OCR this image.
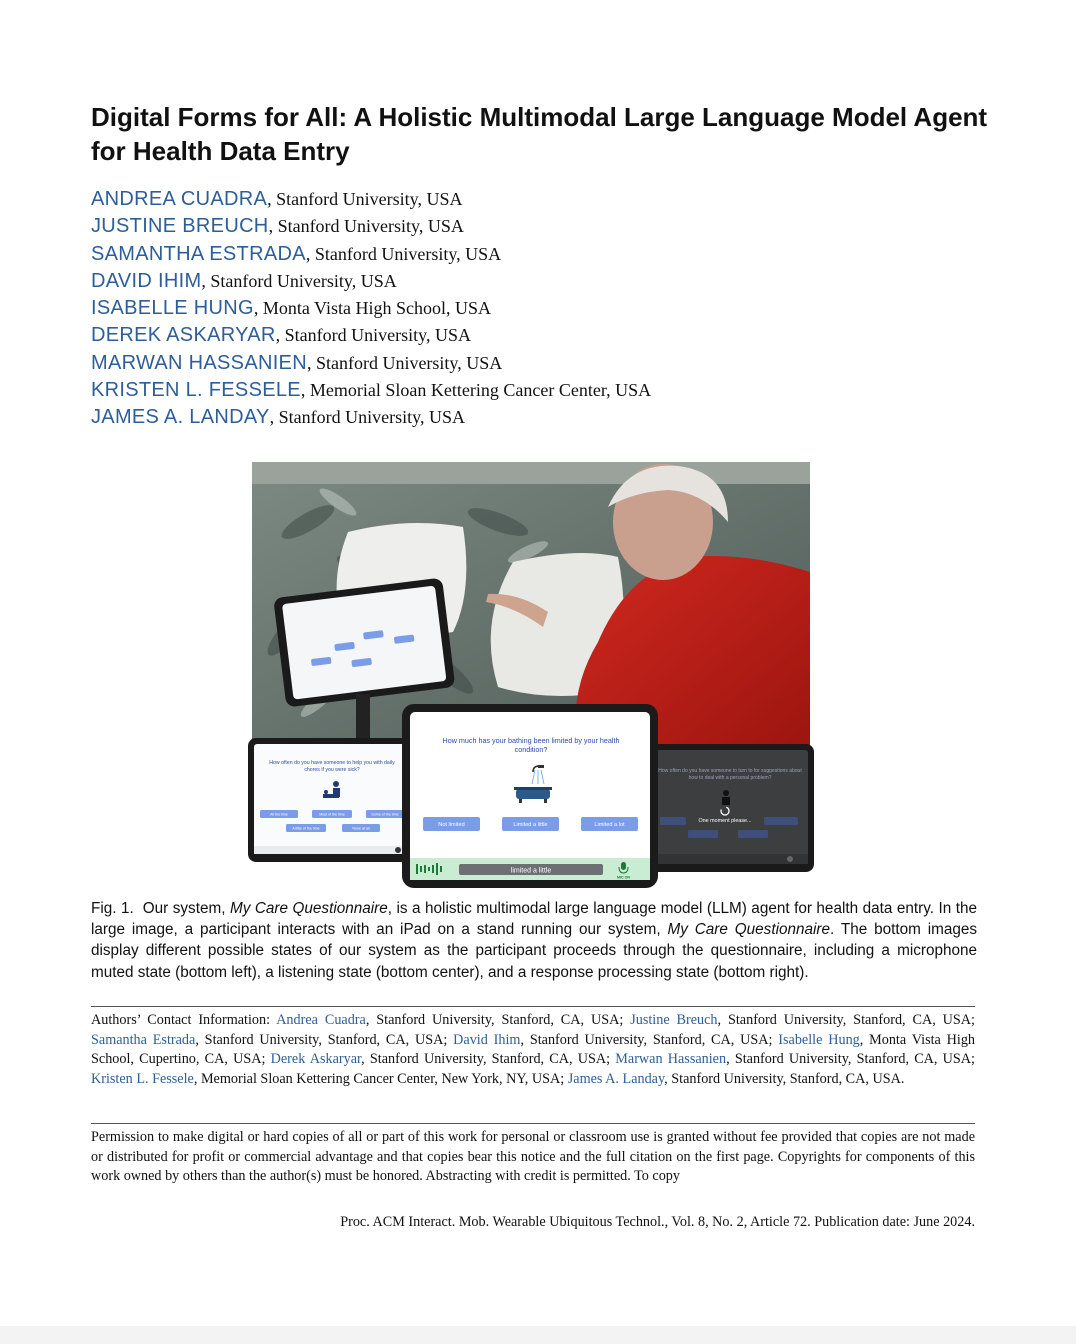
Digital Forms for All: A Holistic Multimodal Large Language Model Agent for Health Data Entry
ANDREA CUADRA, Stanford University, USA
JUSTINE BREUCH, Stanford University, USA
SAMANTHA ESTRADA, Stanford University, USA
DAVID IHIM, Stanford University, USA
ISABELLE HUNG, Monta Vista High School, USA
DEREK ASKARYAR, Stanford University, USA
MARWAN HASSANIEN, Stanford University, USA
KRISTEN L. FESSELE, Memorial Sloan Kettering Cancer Center, USA
JAMES A. LANDAY, Stanford University, USA
How often do you have someone to help you with daily
chores if you were sick?
All the time	Most of the time	Some of the time
A little of the time	None at all
How often do you have someone to turn to for suggestions about
how to deal with a personal problem?
One moment please...
How much has your bathing been limited by your health
condition?
Not limited	Limited a little	Limited a lot
limited a little
MIC ON
Fig. 1. Our system, My Care Questionnaire, is a holistic multimodal large language model (LLM) agent for health data entry. In the large image, a participant interacts with an iPad on a stand running our system, My Care Questionnaire. The bottom images display different possible states of our system as the participant proceeds through the questionnaire, including a microphone muted state (bottom left), a listening state (bottom center), and a response processing state (bottom right).
Authors’ Contact Information: Andrea Cuadra, Stanford University, Stanford, CA, USA; Justine Breuch, Stanford University, Stanford, CA, USA; Samantha Estrada, Stanford University, Stanford, CA, USA; David Ihim, Stanford University, Stanford, CA, USA; Isabelle Hung, Monta Vista High School, Cupertino, CA, USA; Derek Askaryar, Stanford University, Stanford, CA, USA; Marwan Hassanien, Stanford University, Stanford, CA, USA; Kristen L. Fessele, Memorial Sloan Kettering Cancer Center, New York, NY, USA; James A. Landay, Stanford University, Stanford, CA, USA.
Permission to make digital or hard copies of all or part of this work for personal or classroom use is granted without fee provided that copies are not made or distributed for profit or commercial advantage and that copies bear this notice and the full citation on the first page. Copyrights for components of this work owned by others than the author(s) must be honored. Abstracting with credit is permitted. To copy
Proc. ACM Interact. Mob. Wearable Ubiquitous Technol., Vol. 8, No. 2, Article 72. Publication date: June 2024.
